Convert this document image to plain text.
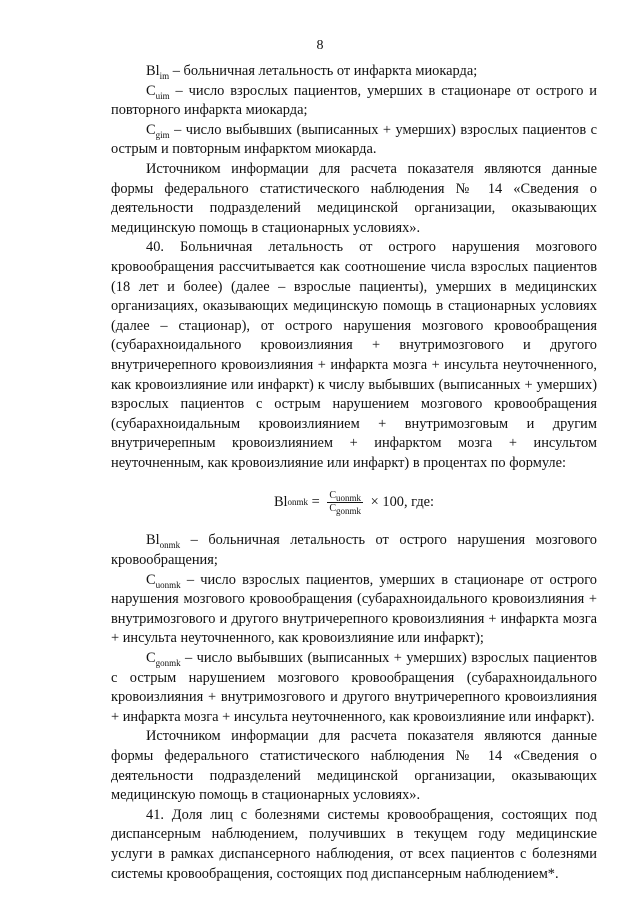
8

$Bl_{im}$ – больничная летальность от инфаркта миокарда;

$C_{uim}$ – число взрослых пациентов, умерших в стационаре от острого и повторного инфаркта миокарда;

$C_{gim}$ – число выбывших (выписанных + умерших) взрослых пациентов с острым и повторным инфарктом миокарда.

Источником информации для расчета показателя являются данные формы федерального статистического наблюдения № 14 «Сведения о деятельности подразделений медицинской организации, оказывающих медицинскую помощь в стационарных условиях».

40. Больничная летальность от острого нарушения мозгового кровообращения рассчитывается как соотношение числа взрослых пациентов (18 лет и более) (далее – взрослые пациенты), умерших в медицинских организациях, оказывающих медицинскую помощь в стационарных условиях (далее – стационар), от острого нарушения мозгового кровообращения (субарахноидального кровоизлияния + внутримозгового и другого внутричерепного кровоизлияния + инфаркта мозга + инсульта неуточненного, как кровоизлияние или инфаркт) к числу выбывших (выписанных + умерших) взрослых пациентов с острым нарушением мозгового кровообращения (субарахноидальным кровоизлиянием + внутримозговым и другим внутричерепным кровоизлиянием + инфарктом мозга + инсультом неуточненным, как кровоизлияние или инфаркт) в процентах по формуле:

Bl onmk = $\frac{C_{uonmk}}{C_{gonmk}} \times 100$, где:

$Bl_{onmk}$ – больничная летальность от острого нарушения мозгового кровообращения;

$C_{uonmk}$ – число взрослых пациентов, умерших в стационаре от острого нарушения мозгового кровообращения (субарахноидального кровоизлияния + внутримозгового и другого внутричерепного кровоизлияния + инфаркта мозга + инсульта неуточненного, как кровоизлияние или инфаркт);

$C_{gonmk}$ – число выбывших (выписанных + умерших) взрослых пациентов с острым нарушением мозгового кровообращения (субарахноидального кровоизлияния + внутримозгового и другого внутричерепного кровоизлияния + инфаркта мозга + инсульта неуточненного, как кровоизлияние или инфаркт).

Источником информации для расчета показателя являются данные формы федерального статистического наблюдения № 14 «Сведения о деятельности подразделений медицинской организации, оказывающих медицинскую помощь в стационарных условиях».

41. Доля лиц с болезнями системы кровообращения, состоящих под диспансерным наблюдением, получивших в текущем году медицинские услуги в рамках диспансерного наблюдения, от всех пациентов с болезнями системы кровообращения, состоящих под диспансерным наблюдением*.
